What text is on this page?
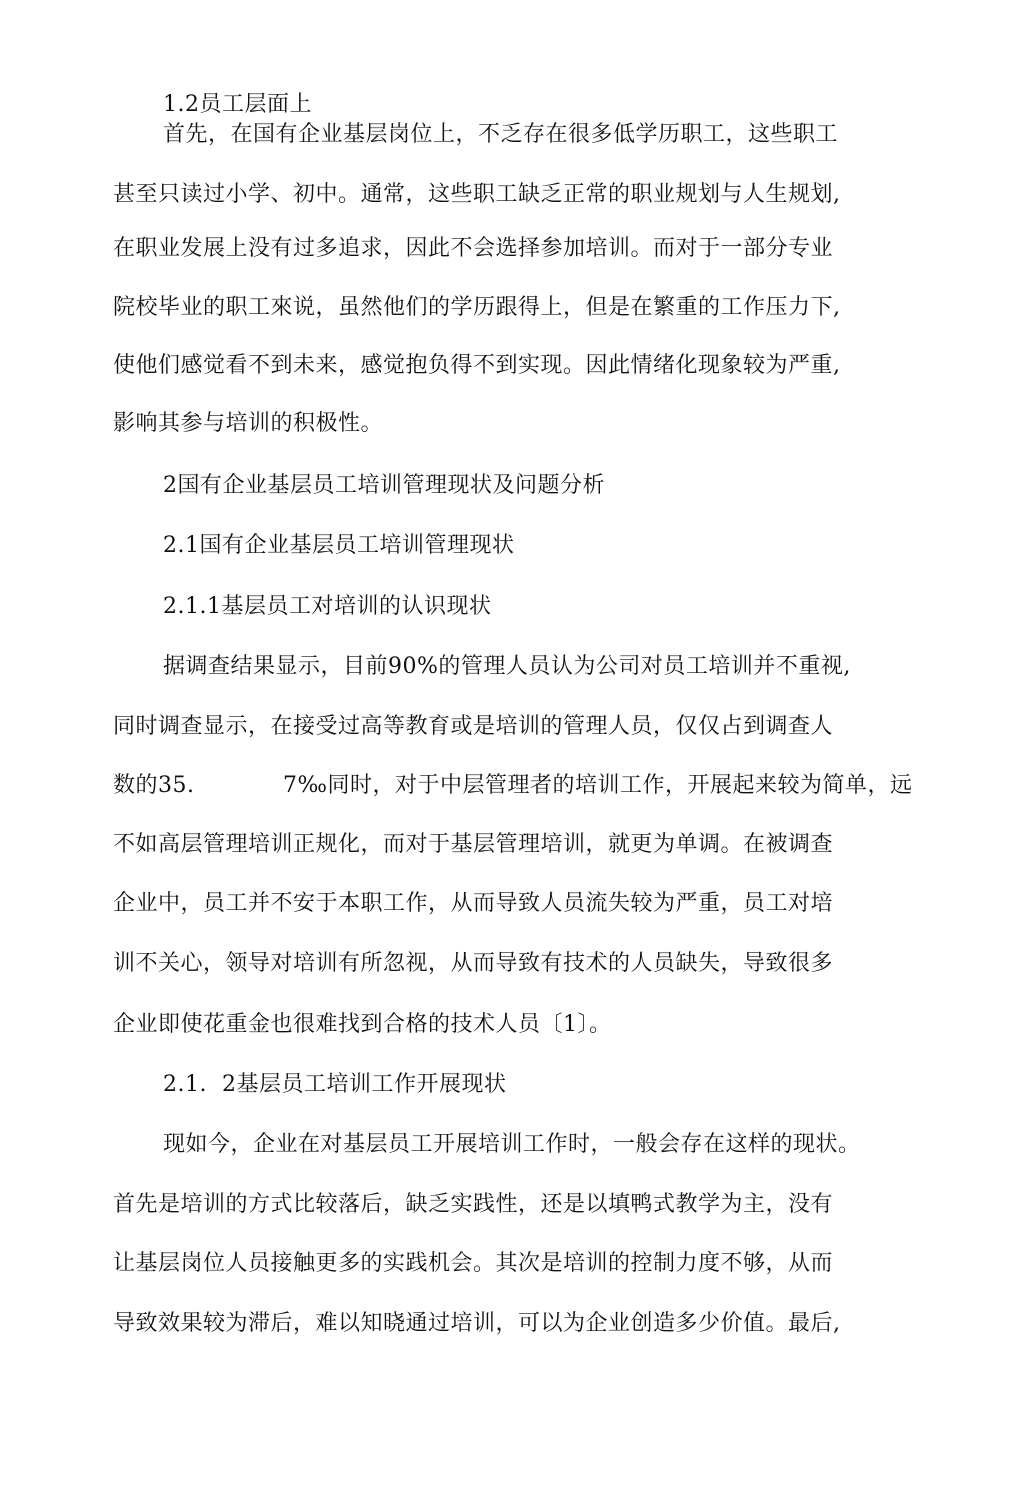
1.2员工层面上
首先，在国有企业基层岗位上，不乏存在很多低学历职工，这些职工
甚至只读过小学、初中。通常，这些职工缺乏正常的职业规划与人生规划,
在职业发展上没有过多追求，因此不会选择参加培训。而对于一部分专业
院校毕业的职工來说，虽然他们的学历跟得上，但是在繁重的工作压力下,
使他们感觉看不到未来，感觉抱负得不到实现。因此情绪化现象较为严重,
影响其参与培训的积极性。
2国有企业基层员工培训管理现状及问题分析
2.1国有企业基层员工培训管理现状
2.1.1基层员工对培训的认识现状
据调查结果显示，目前90%的管理人员认为公司对员工培训并不重视,
同时调查显示，在接受过高等教育或是培训的管理人员，仅仅占到调查人
数的35.	7‰同时，对于中层管理者的培训工作，开展起来较为简单，远
不如高层管理培训正规化，而对于基层管理培训，就更为单调。在被调查
企业中，员工并不安于本职工作，从而导致人员流失较为严重，员工对培
训不关心，领导对培训有所忽视，从而导致有技术的人员缺失，导致很多
企业即使花重金也很难找到合格的技术人员〔1〕。
2.1.  2基层员工培训工作开展现状
现如今，企业在对基层员工开展培训工作时，一般会存在这样的现状。
首先是培训的方式比较落后，缺乏实践性，还是以填鸭式教学为主，没有
让基层岗位人员接触更多的实践机会。其次是培训的控制力度不够，从而
导致效果较为滞后，难以知晓通过培训，可以为企业创造多少价值。最后,
